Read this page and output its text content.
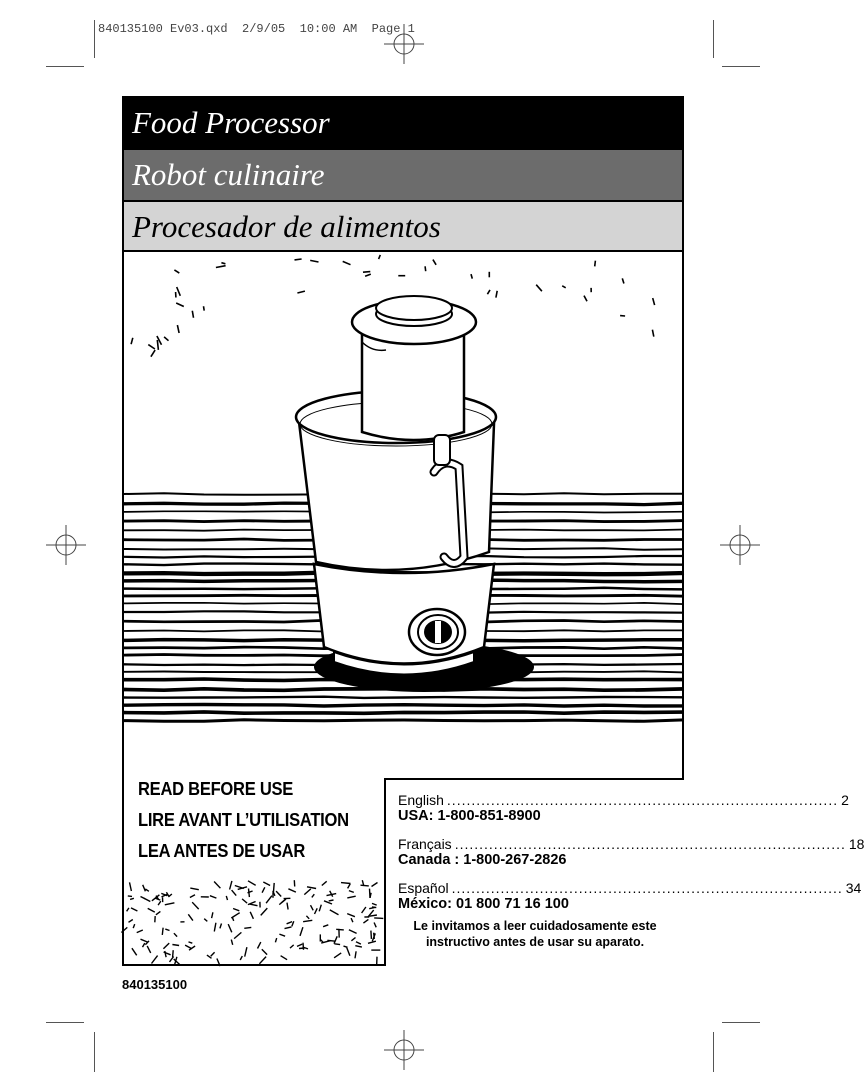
840135100 Ev03.qxd  2/9/05  10:00 AM  Page 1
Food Processor
Robot culinaire
Procesador de alimentos
READ BEFORE USE
LIRE AVANT L’UTILISATION
LEA ANTES DE USAR
English ................................................................................ 2
USA: 1-800-851-8900
Français ................................................................................ 18
Canada : 1-800-267-2826
Español ................................................................................ 34
México: 01 800 71 16 100
Le invitamos a leer cuidadosamente este
instructivo antes de usar su aparato.
840135100
